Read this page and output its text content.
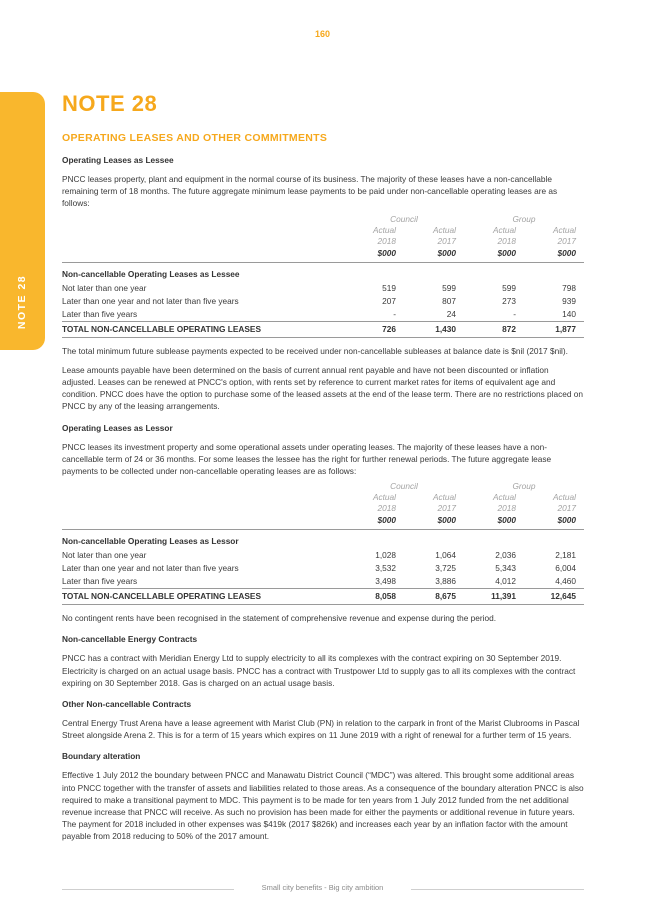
160
NOTE 28
NOTE 28
OPERATING LEASES AND OTHER COMMITMENTS
Operating Leases as Lessee

PNCC leases property, plant and equipment in the normal course of its business. The majority of these leases have a non-cancellable remaining term of 18 months. The future aggregate minimum lease payments to be paid under non-cancellable operating leases are as follows:

	Council		Group		
	Actual	Actual	Actual	Actual	
	2018	2017	2018	2017	
	$000	$000	$000	$000	
Non-cancellable Operating Leases as Lessee					
Not later than one year	519	599	599	798	
Later than one year and not later than five years	207	807	273	939	
Later than five years	-	24	-	140	
TOTAL NON-CANCELLABLE OPERATING LEASES	726	1,430	872	1,877	

The total minimum future sublease payments expected to be received under non-cancellable subleases at balance date is $nil (2017 $nil).

Lease amounts payable have been determined on the basis of current annual rent payable and have not been discounted or inflation adjusted. Leases can be renewed at PNCC's option, with rents set by reference to current market rates for items of equivalent age and condition. PNCC does have the option to purchase some of the leased assets at the end of the lease term. There are no restrictions placed on PNCC by any of the leasing arrangements.

Operating Leases as Lessor

PNCC leases its investment property and some operational assets under operating leases. The majority of these leases have a non-cancellable term of 24 or 36 months. For some leases the lessee has the right for further renewal periods. The future aggregate lease payments to be collected under non-cancellable operating leases are as follows:

	Council		Group		
	Actual	Actual	Actual	Actual	
	2018	2017	2018	2017	
	$000	$000	$000	$000	
Non-cancellable Operating Leases as Lessor					
Not later than one year	1,028	1,064	2,036	2,181	
Later than one year and not later than five years	3,532	3,725	5,343	6,004	
Later than five years	3,498	3,886	4,012	4,460	
TOTAL NON-CANCELLABLE OPERATING LEASES	8,058	8,675	11,391	12,645	

No contingent rents have been recognised in the statement of comprehensive revenue and expense during the period.

Non-cancellable Energy Contracts

PNCC has a contract with Meridian Energy Ltd to supply electricity to all its complexes with the contract expiring on 30 September 2019. Electricity is charged on an actual usage basis. PNCC has a contract with Trustpower Ltd to supply gas to all its complexes with the contract expiring on 30 September 2018. Gas is charged on an actual usage basis.

Other Non-cancellable Contracts

Central Energy Trust Arena have a lease agreement with Marist Club (PN) in relation to the carpark in front of the Marist Clubrooms in Pascal Street alongside Arena 2. This is for a term of 15 years which expires on 11 June 2019 with a right of renewal for a further term of 15 years.

Boundary alteration

Effective 1 July 2012 the boundary between PNCC and Manawatu District Council (“MDC”) was altered. This brought some additional areas into PNCC together with the transfer of assets and liabilities related to those areas. As a consequence of the boundary alteration PNCC is also required to make a transitional payment to MDC. This payment is to be made for ten years from 1 July 2012 funded from the net additional revenue increase that PNCC will receive. As such no provision has been made for either the payments or additional revenue in future years. The payment for 2018 included in other expenses was $419k (2017 $826k) and increases each year by an inflation factor with the amount payable from 2018 reducing to 50% of the 2017 amount.

Small city benefits - Big city ambition
